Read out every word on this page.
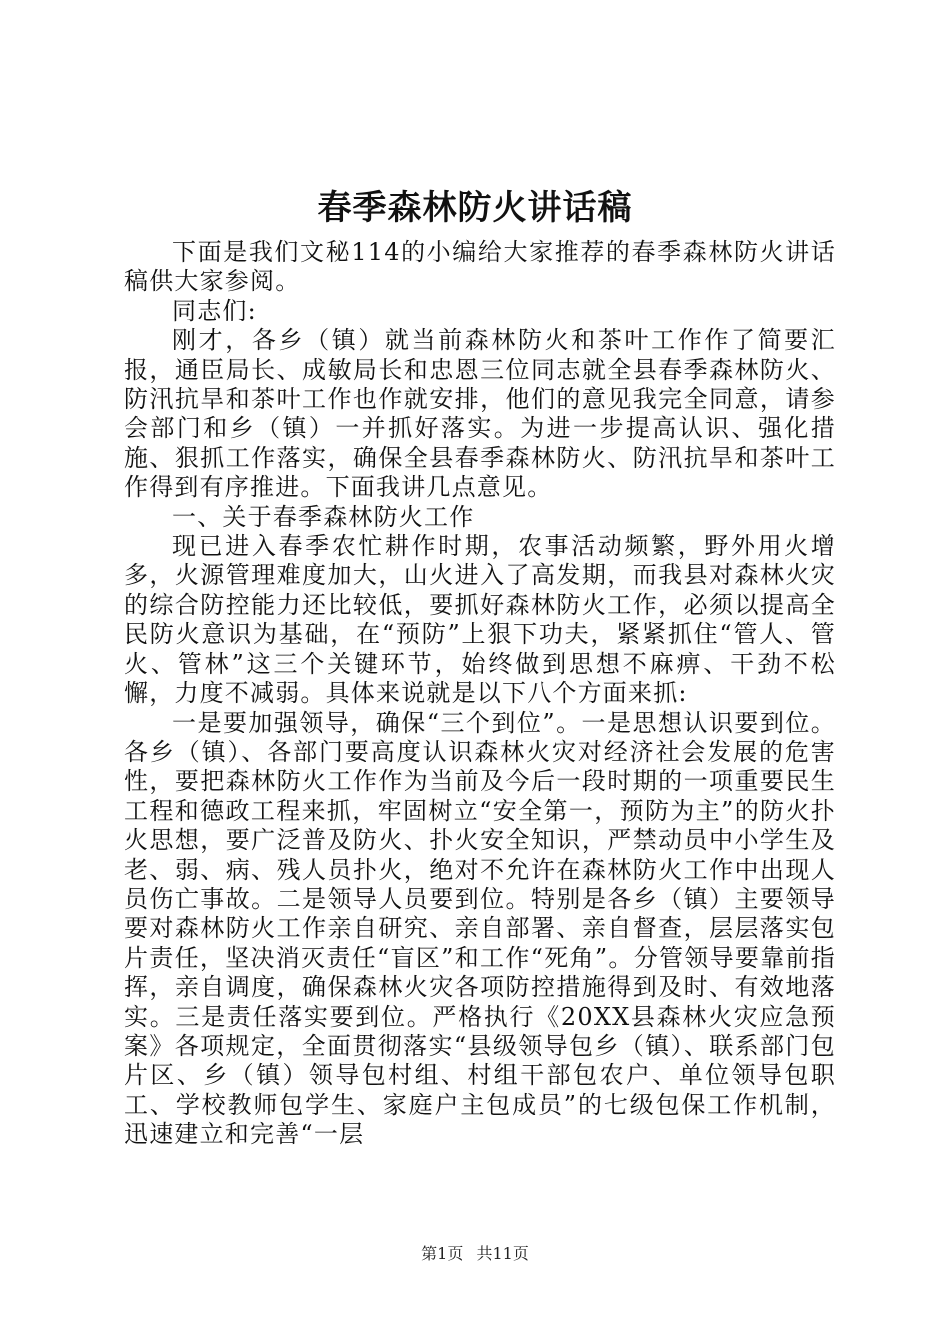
春季森林防火讲话稿

下面是我们文秘114的小编给大家推荐的春季森林防火讲话稿供大家参阅。

同志们:

刚才，各乡（镇）就当前森林防火和茶叶工作作了简要汇报，通臣局长、成敏局长和忠恩三位同志就全县春季森林防火、防汛抗旱和茶叶工作也作就安排，他们的意见我完全同意，请参会部门和乡（镇）一并抓好落实。为进一步提高认识、强化措施、狠抓工作落实，确保全县春季森林防火、防汛抗旱和茶叶工作得到有序推进。下面我讲几点意见。

一、关于春季森林防火工作

现已进入春季农忙耕作时期，农事活动频繁，野外用火增多，火源管理难度加大，山火进入了高发期，而我县对森林火灾的综合防控能力还比较低，要抓好森林防火工作，必须以提高全民防火意识为基础，在“预防”上狠下功夫，紧紧抓住“管人、管火、管林”这三个关键环节，始终做到思想不麻痹、干劲不松懈，力度不减弱。具体来说就是以下八个方面来抓:

一是要加强领导，确保“三个到位”。一是思想认识要到位。各乡（镇）、各部门要高度认识森林火灾对经济社会发展的危害性，要把森林防火工作作为当前及今后一段时期的一项重要民生工程和德政工程来抓，牢固树立“安全第一，预防为主”的防火扑火思想，要广泛普及防火、扑火安全知识，严禁动员中小学生及老、弱、病、残人员扑火，绝对不允许在森林防火工作中出现人员伤亡事故。二是领导人员要到位。特别是各乡（镇）主要领导要对森林防火工作亲自研究、亲自部署、亲自督查，层层落实包片责任，坚决消灭责任“盲区”和工作“死角”。分管领导要靠前指挥，亲自调度，确保森林火灾各项防控措施得到及时、有效地落实。三是责任落实要到位。严格执行《20XX县森林火灾应急预案》各项规定，全面贯彻落实“县级领导包乡（镇）、联系部门包片区、乡（镇）领导包村组、村组干部包农户、单位领导包职工、学校教师包学生、家庭户主包成员”的七级包保工作机制，迅速建立和完善“一层

第1页 共11页
